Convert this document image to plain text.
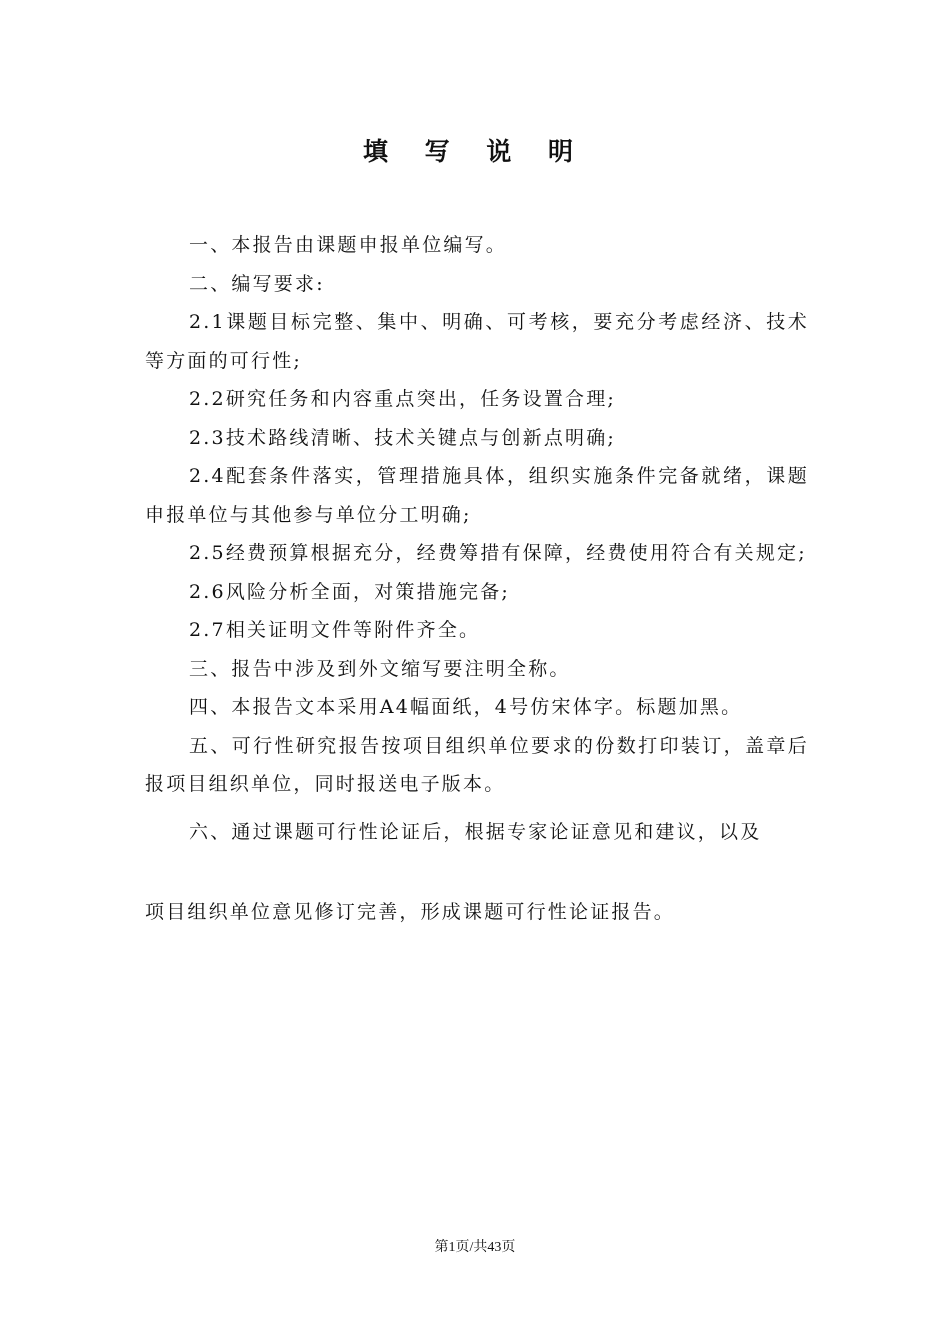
填 写 说 明

一、本报告由课题申报单位编写。

二、编写要求:

2.1课题目标完整、集中、明确、可考核，要充分考虑经济、技术等方面的可行性;

2.2研究任务和内容重点突出，任务设置合理;

2.3技术路线清晰、技术关键点与创新点明确;

2.4配套条件落实，管理措施具体，组织实施条件完备就绪，课题申报单位与其他参与单位分工明确;

2.5经费预算根据充分，经费筹措有保障，经费使用符合有关规定;

2.6风险分析全面，对策措施完备;

2.7相关证明文件等附件齐全。

三、报告中涉及到外文缩写要注明全称。

四、本报告文本采用A4幅面纸，4号仿宋体字。标题加黑。

五、可行性研究报告按项目组织单位要求的份数打印装订，盖章后报项目组织单位，同时报送电子版本。

六、通过课题可行性论证后，根据专家论证意见和建议，以及

项目组织单位意见修订完善，形成课题可行性论证报告。

第1页/共43页
